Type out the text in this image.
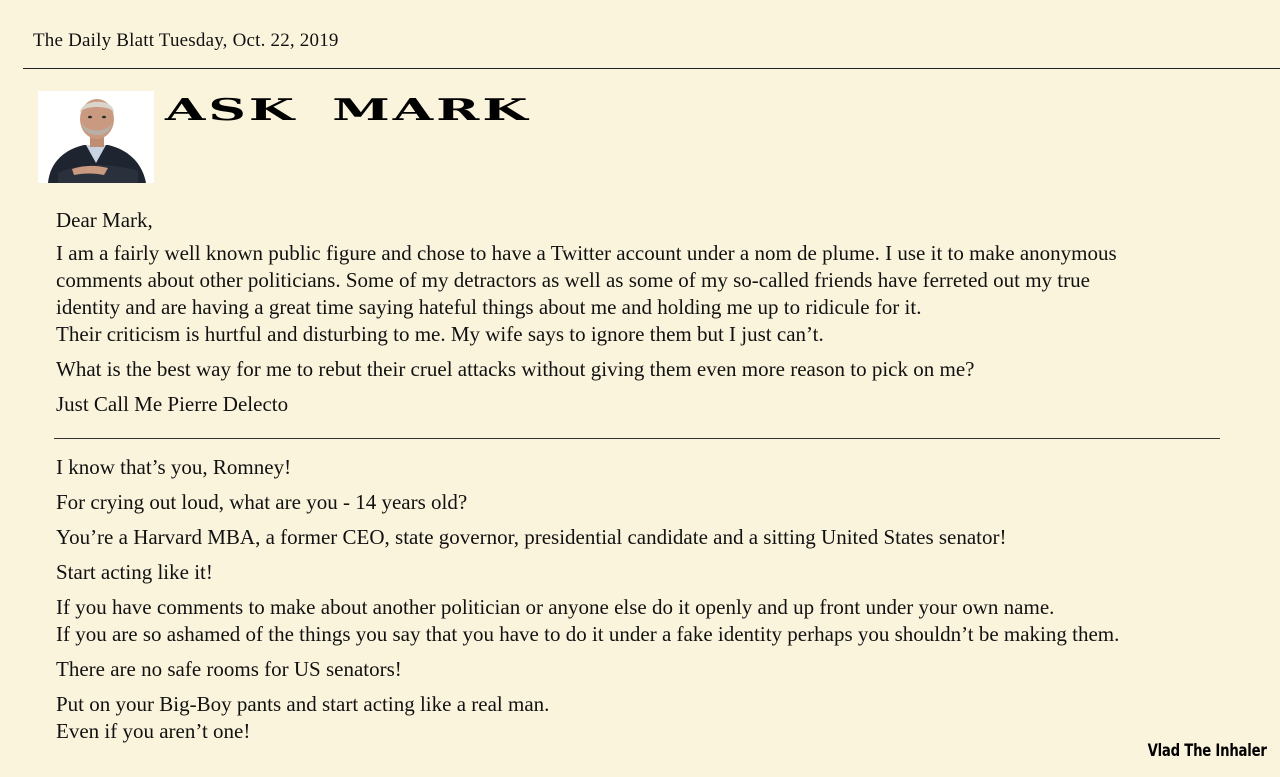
The Daily Blatt Tuesday, Oct. 22, 2019
ASK MARK

Dear Mark,

I am a fairly well known public figure and chose to have a Twitter account under a nom de plume. I use it to make anonymous

comments about other politicians. Some of my detractors as well as some of my so-called friends have ferreted out my true

identity and are having a great time saying hateful things about me and holding me up to ridicule for it.

Their criticism is hurtful and disturbing to me. My wife says to ignore them but I just can’t.

What is the best way for me to rebut their cruel attacks without giving them even more reason to pick on me?

Just Call Me Pierre Delecto

I know that’s you, Romney!

For crying out loud, what are you - 14 years old?

You’re a Harvard MBA, a former CEO, state governor, presidential candidate and a sitting United States senator!

Start acting like it!

If you have comments to make about another politician or anyone else do it openly and up front under your own name.

If you are so ashamed of the things you say that you have to do it under a fake identity perhaps you shouldn’t be making them.

There are no safe rooms for US senators!

Put on your Big-Boy pants and start acting like a real man.

Even if you aren’t one!

Vlad The Inhaler
